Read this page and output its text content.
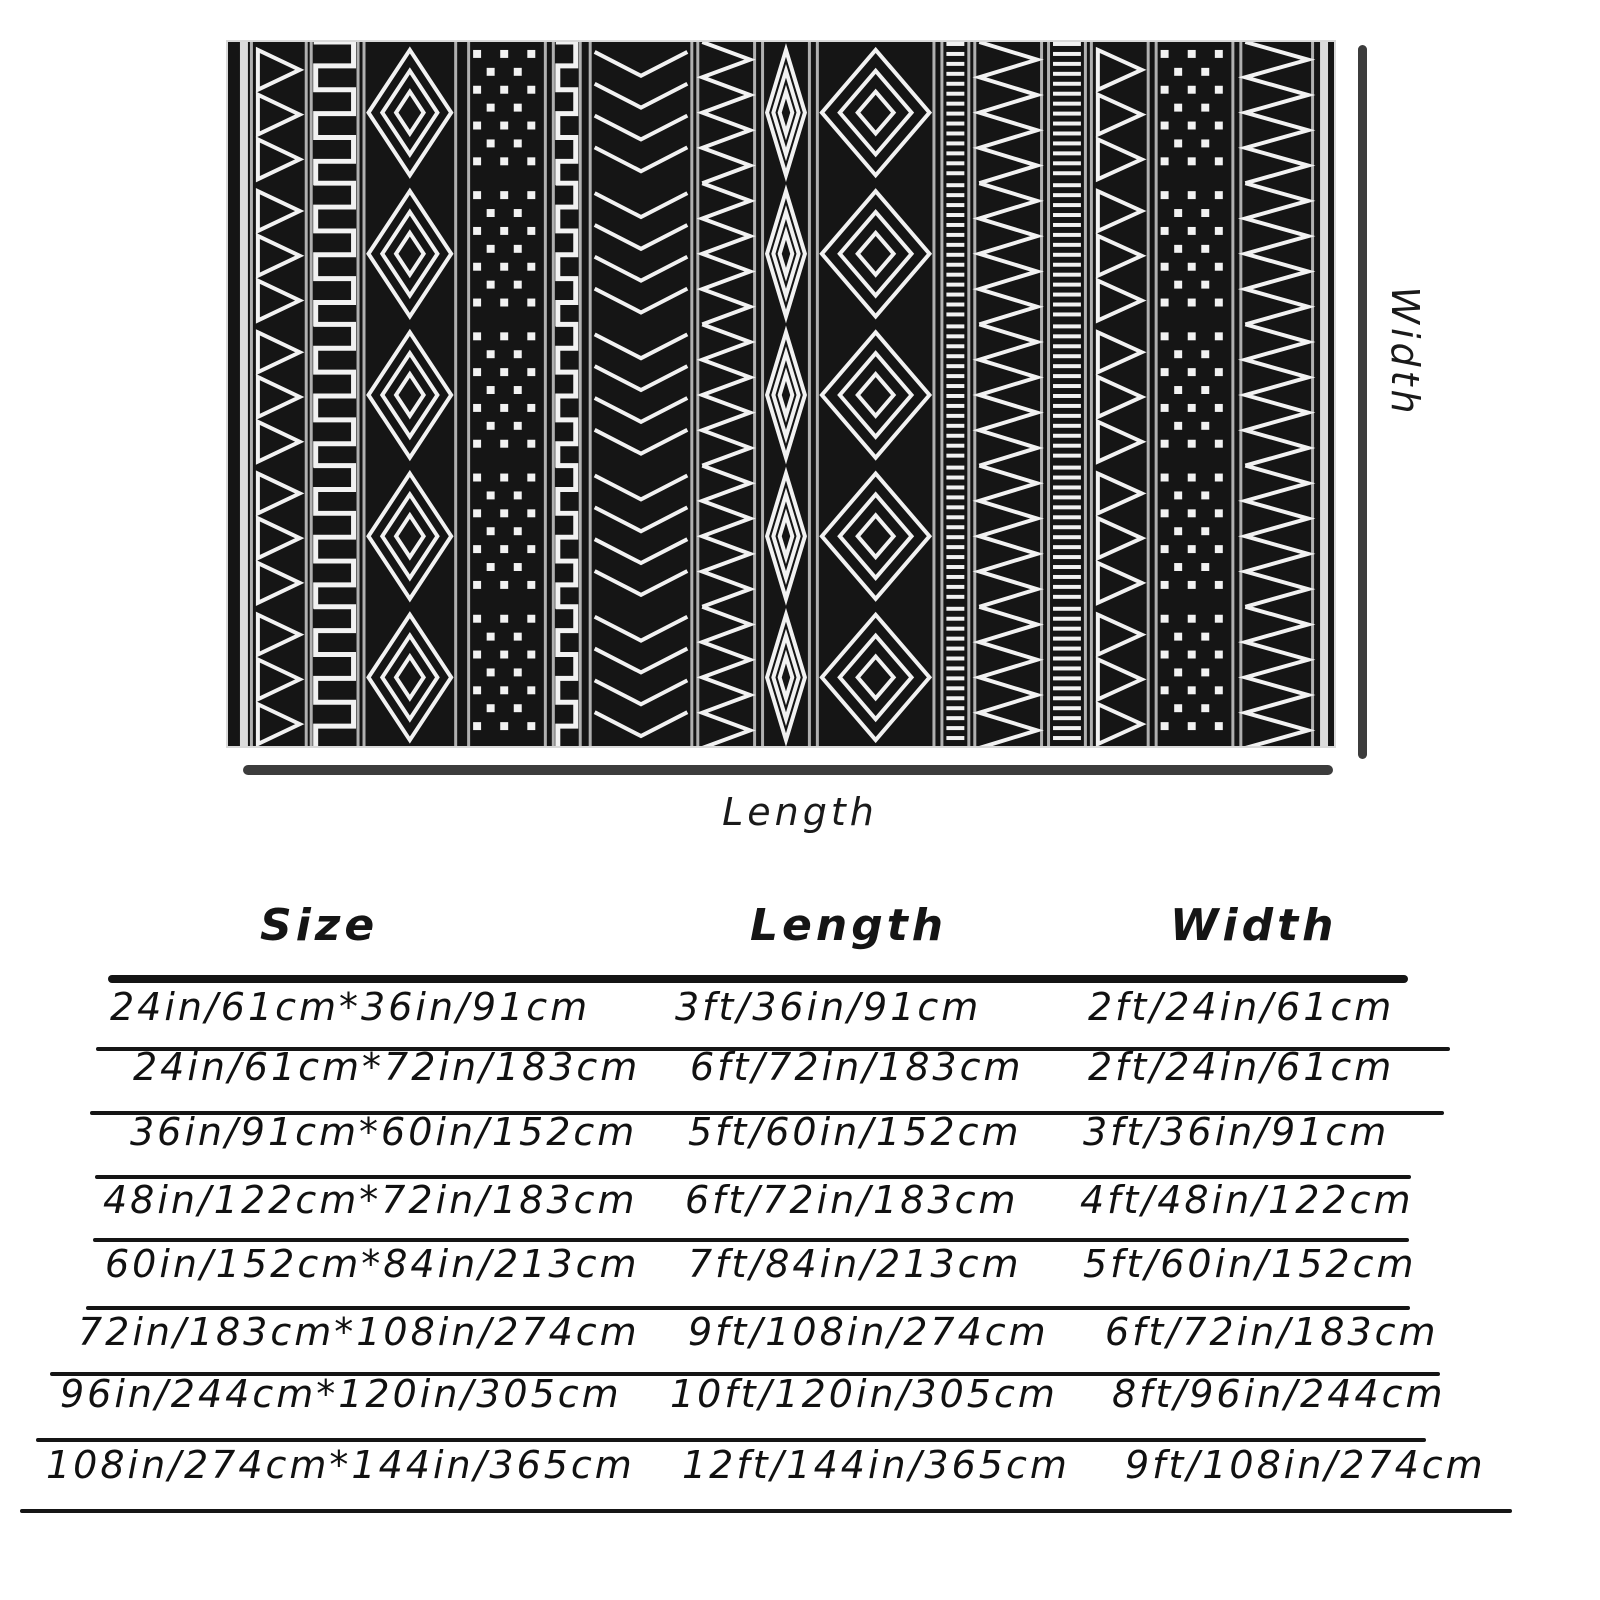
Width
Length
Size	Length	Width
24in/61cm*36in/91cm 3ft/36in/91cm	2ft/24in/61cm
24in/61cm*72in/183cm 6ft/72in/183cm 2ft/24in/61cm
36in/91cm*60in/152cm 5ft/60in/152cm 3ft/36in/91cm
48in/122cm*72in/183cm 6ft/72in/183cm 4ft/48in/122cm
60in/152cm*84in/213cm 7ft/84in/213cm 5ft/60in/152cm
72in/183cm*108in/274cm 9ft/108in/274cm 6ft/72in/183cm
96in/244cm*120in/305cm 10ft/120in/305cm 8ft/96in/244cm
108in/274cm*144in/365cm 12ft/144in/365cm 9ft/108in/274cm
